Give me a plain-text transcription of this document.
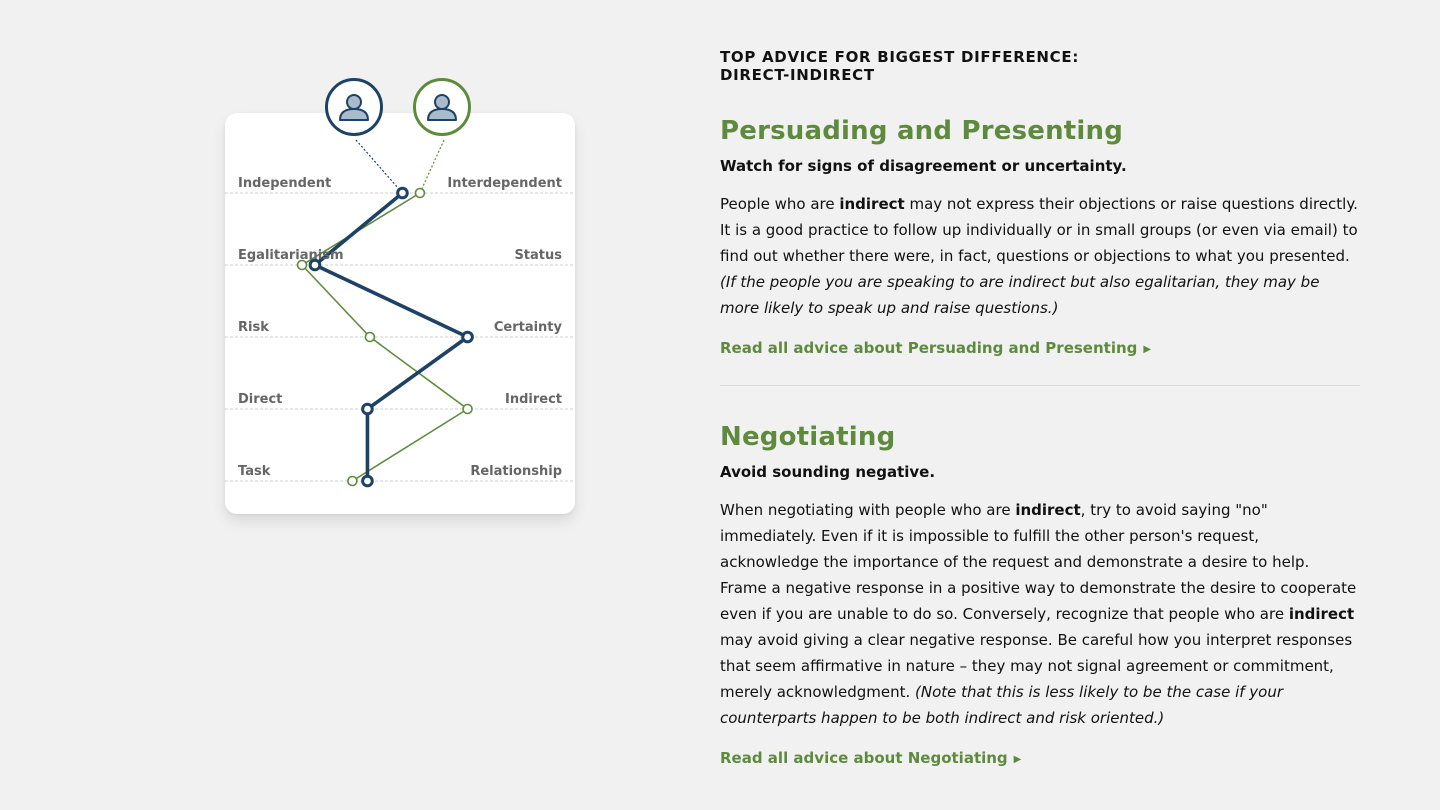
Independent	Interdependent
Egalitarianism	Status
Risk	Certainty
Direct	Indirect
Task	Relationship

TOP ADVICE FOR BIGGEST DIFFERENCE:
DIRECT-INDIRECT

Persuading and Presenting

Watch for signs of disagreement or uncertainty.

People who are indirect may not express their objections or raise questions directly. It is a good practice to follow up individually or in small groups (or even via email) to find out whether there were, in fact, questions or objections to what you presented. (If the people you are speaking to are indirect but also egalitarian, they may be more likely to speak up and raise questions.)

Read all advice about Persuading and Presenting ▶
Negotiating

Avoid sounding negative.

When negotiating with people who are indirect, try to avoid saying "no" immediately. Even if it is impossible to fulfill the other person's request, acknowledge the importance of the request and demonstrate a desire to help. Frame a negative response in a positive way to demonstrate the desire to cooperate even if you are unable to do so. Conversely, recognize that people who are indirect may avoid giving a clear negative response. Be careful how you interpret responses that seem affirmative in nature – they may not signal agreement or commitment, merely acknowledgment. (Note that this is less likely to be the case if your counterparts happen to be both indirect and risk oriented.)

Read all advice about Negotiating ▶
